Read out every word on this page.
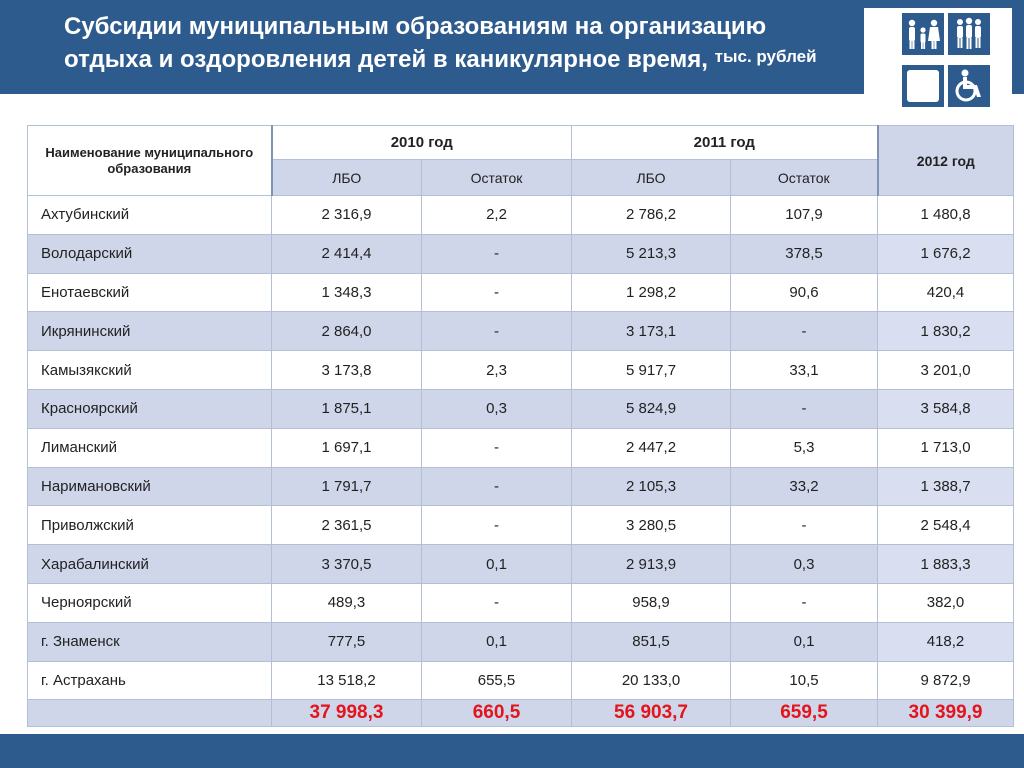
Субсидии муниципальным образованиям на организацию
отдыха и оздоровления детей в каникулярное время, $^{тыс. рублей}$
Наименование муниципального образования	2010 год		2011 год		2012 год
	ЛБО	Остаток	ЛБО	Остаток	
Ахтубинский	2 316,9	2,2	2 786,2	107,9	1 480,8
Володарский	2 414,4	-	5 213,3	378,5	1 676,2
Енотаевский	1 348,3	-	1 298,2	90,6	420,4
Икрянинский	2 864,0	-	3 173,1	-	1 830,2
Камызякский	3 173,8	2,3	5 917,7	33,1	3 201,0
Красноярский	1 875,1	0,3	5 824,9	-	3 584,8
Лиманский	1 697,1	-	2 447,2	5,3	1 713,0
Наримановский	1 791,7	-	2 105,3	33,2	1 388,7
Приволжский	2 361,5	-	3 280,5	-	2 548,4
Харабалинский	3 370,5	0,1	2 913,9	0,3	1 883,3
Черноярский	489,3	-	958,9	-	382,0
г. Знаменск	777,5	0,1	851,5	0,1	418,2
г. Астрахань	13 518,2	655,5	20 133,0	10,5	9 872,9
	37 998,3	660,5	56 903,7	659,5	30 399,9
